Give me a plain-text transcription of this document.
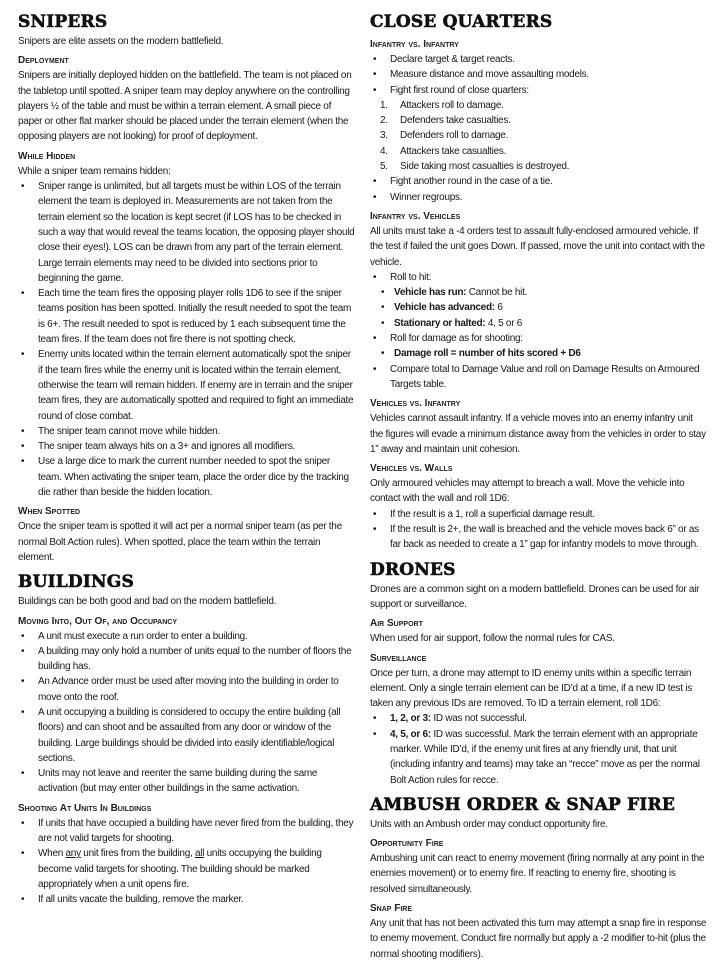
SNIPERS

Snipers are elite assets on the modern battlefield.

Deployment

Snipers are initially deployed hidden on the battlefield. The team is not placed on the tabletop until spotted. A sniper team may deploy anywhere on the controlling players ½ of the table and must be within a terrain element. A small piece of paper or other flat marker should be placed under the terrain element (when the opposing players are not looking) for proof of deployment.

While Hidden

While a sniper team remains hidden:

• Sniper range is unlimited, but all targets must be within LOS of the terrain element the team is deployed in. Measurements are not taken from the terrain element so the location is kept secret (if LOS has to be checked in such a way that would reveal the teams location, the opposing player should close their eyes!). LOS can be drawn from any part of the terrain element. Large terrain elements may need to be divided into sections prior to beginning the game.
• Each time the team fires the opposing player rolls 1D6 to see if the sniper teams position has been spotted. Initially the result needed to spot the team is 6+. The result needed to spot is reduced by 1 each subsequent time the team fires. If the team does not fire there is not spotting check.
• Enemy units located within the terrain element automatically spot the sniper if the team fires while the enemy unit is located within the terrain element, otherwise the team will remain hidden. If enemy are in terrain and the sniper team fires, they are automatically spotted and required to fight an immediate round of close combat.
• The sniper team cannot move while hidden.
• The sniper team always hits on a 3+ and ignores all modifiers.
• Use a large dice to mark the current number needed to spot the sniper team. When activating the sniper team, place the order dice by the tracking die rather than beside the hidden location.
When Spotted

Once the sniper team is spotted it will act per a normal sniper team (as per the normal Bolt Action rules). When spotted, place the team within the terrain element.

BUILDINGS

Buildings can be both good and bad on the modern battlefield.

Moving Into, Out Of, and Occupancy
• A unit must execute a run order to enter a building.
• A building may only hold a number of units equal to the number of floors the building has.
• An Advance order must be used after moving into the building in order to move onto the roof.
• A unit occupying a building is considered to occupy the entire building (all floors) and can shoot and be assaulted from any door or window of the building. Large buildings should be divided into easily identifiable/logical sections.
• Units may not leave and reenter the same building during the same activation (but may enter other buildings in the same activation.
Shooting At Units In Buildings
• If units that have occupied a building have never fired from the building, they are not valid targets for shooting.
• When any unit fires from the building, all units occupying the building become valid targets for shooting. The building should be marked appropriately when a unit opens fire.
• If all units vacate the building, remove the marker.
CLOSE QUARTERS
Infantry vs. Infantry
• Declare target & target reacts.
• Measure distance and move assaulting models.
• Fight first round of close quarters:
1. Attackers roll to damage.
2. Defenders take casualties.
3. Defenders roll to damage.
4. Attackers take casualties.
5. Side taking most casualties is destroyed.
• Fight another round in the case of a tie.
• Winner regroups.
Infantry vs. Vehicles

All units must take a -4 orders test to assault fully-enclosed armoured vehicle. If the test if failed the unit goes Down. If passed, move the unit into contact with the vehicle.

• Roll to hit:
• Vehicle has run: Cannot be hit.
• Vehicle has advanced: 6
• Stationary or halted: 4, 5 or 6
• Roll for damage as for shooting:
• Damage roll = number of hits scored + D6
• Compare total to Damage Value and roll on Damage Results on Armoured Targets table.
Vehicles vs. Infantry

Vehicles cannot assault infantry. If a vehicle moves into an enemy infantry unit the figures will evade a minimum distance away from the vehicles in order to stay 1” away and maintain unit cohesion.

Vehicles vs. Walls

Only armoured vehicles may attempt to breach a wall. Move the vehicle into contact with the wall and roll 1D6:

• If the result is a 1, roll a superficial damage result.
• If the result is 2+, the wall is breached and the vehicle moves back 6” or as far back as needed to create a 1” gap for infantry models to move through.
DRONES

Drones are a common sight on a modern battlefield. Drones can be used for air support or surveillance.

Air Support

When used for air support, follow the normal rules for CAS.

Surveillance

Once per turn, a drone may attempt to ID enemy units within a specific terrain element. Only a single terrain element can be ID’d at a time, if a new ID test is taken any previous IDs are removed. To ID a terrain element, roll 1D6:

• 1, 2, or 3: ID was not successful.
• 4, 5, or 6: ID was successful. Mark the terrain element with an appropriate marker. While ID’d, if the enemy unit fires at any friendly unit, that unit (including infantry and teams) may take an “recce” move as per the normal Bolt Action rules for recce.
AMBUSH ORDER & SNAP FIRE

Units with an Ambush order may conduct opportunity fire.

Opportunity Fire

Ambushing unit can react to enemy movement (firing normally at any point in the enemies movement) or to enemy fire. If reacting to enemy fire, shooting is resolved simultaneously.

Snap Fire

Any unit that has not been activated this turn may attempt a snap fire in response to enemy movement. Conduct fire normally but apply a -2 modifier to-hit (plus the normal shooting modifiers).
